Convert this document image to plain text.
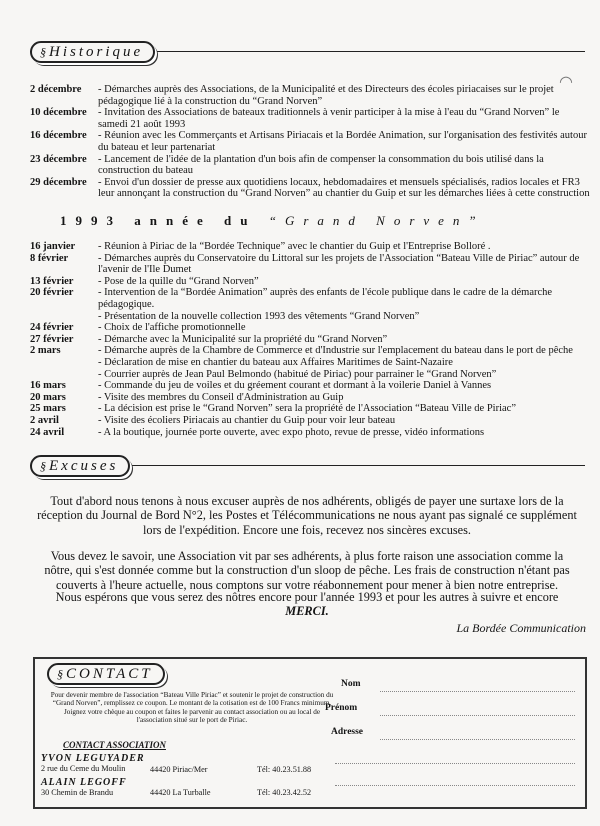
§ Historique
2 décembre	- Démarches auprès des Associations, de la Municipalité et des Directeurs des écoles piriacaises sur le projet pédagogique lié à la construction du “Grand Norven”
10 décembre	- Invitation des Associations de bateaux traditionnels à venir participer à la mise à l'eau du “Grand Norven” le samedi 21 août 1993
16 décembre	- Réunion avec les Commerçants et Artisans Piriacais et la Bordée Animation, sur l'organisation des festivités autour du bateau et leur partenariat
23 décembre	- Lancement de l'idée de la plantation d'un bois afin de compenser la consommation du bois utilisé dans la construction du bateau
29 décembre	- Envoi d'un dossier de presse aux quotidiens locaux, hebdomadaires et mensuels spécialisés, radios locales et FR3 leur annonçant la construction du “Grand Norven” au chantier du Guip et sur les démarches liées à cette construction
1993 année du “Grand Norven”
16 janvier	- Réunion à Piriac de la “Bordée Technique” avec le chantier du Guip et l'Entreprise Bolloré .
8 février	- Démarches auprès du Conservatoire du Littoral sur les projets de l'Association “Bateau Ville de Piriac” autour de l'avenir de l'Ile Dumet
13 février	- Pose de la quille du “Grand Norven”
20 février	- Intervention de la “Bordée Animation” auprès des enfants de l'école publique dans le cadre de la démarche pédagogique.
- Présentation de la nouvelle collection 1993 des vêtements “Grand Norven”
24 février	- Choix de l'affiche promotionnelle
27 février	- Démarche avec la Municipalité sur la propriété du “Grand Norven”
2 mars	- Démarche auprès de la Chambre de Commerce et d'Industrie sur l'emplacement du bateau dans le port de pêche
- Déclaration de mise en chantier du bateau aux Affaires Maritimes de Saint-Nazaire
- Courrier auprès de Jean Paul Belmondo (habitué de Piriac) pour parrainer le “Grand Norven”
16 mars	- Commande du jeu de voiles et du gréement courant et dormant à la voilerie Daniel à Vannes
20 mars	- Visite des membres du Conseil d'Administration au Guip
25 mars	- La décision est prise le “Grand Norven” sera la propriété de l'Association “Bateau Ville de Piriac”
2 avril	- Visite des écoliers Piriacais au chantier du Guip pour voir leur bateau
24 avril	- A la boutique, journée porte ouverte, avec expo photo, revue de presse, vidéo informations
§ Excuses
Tout d'abord nous tenons à nous excuser auprès de nos adhérents, obligés de payer une surtaxe lors de la réception du Journal de Bord N°2, les Postes et Télécommunications ne nous ayant pas signalé ce supplément lors de l'expédition. Encore une fois, recevez nos sincères excuses.
Vous devez le savoir, une Association vit par ses adhérents, à plus forte raison une association comme la nôtre, qui s'est donnée comme but la construction d'un sloop de pêche. Les frais de construction n'étant pas couverts à l'heure actuelle, nous comptons sur votre réabonnement pour mener à bien notre entreprise.
Nous espérons que vous serez des nôtres encore pour l'année 1993 et pour les autres à suivre et encore MERCI.
La Bordée Communication
§ CONTACT
Pour devenir membre de l'association “Bateau Ville Piriac” et soutenir le projet de construction du “Grand Norven”, remplissez ce coupon. Le montant de la cotisation est de 100 Francs minimum. Joignez votre chèque au coupon et faites le parvenir au contact association ou au local de l'association situé sur le port de Piriac.
CONTACT ASSOCIATION
YVON LEGUYADER
2 rue du Ceme du Moulin	44420 Piriac/Mer	Tél: 40.23.51.88
ALAIN LEGOFF
30 Chemin de Brandu	44420 La Turballe	Tél: 40.23.42.52
Nom
Prénom
Adresse
◠
